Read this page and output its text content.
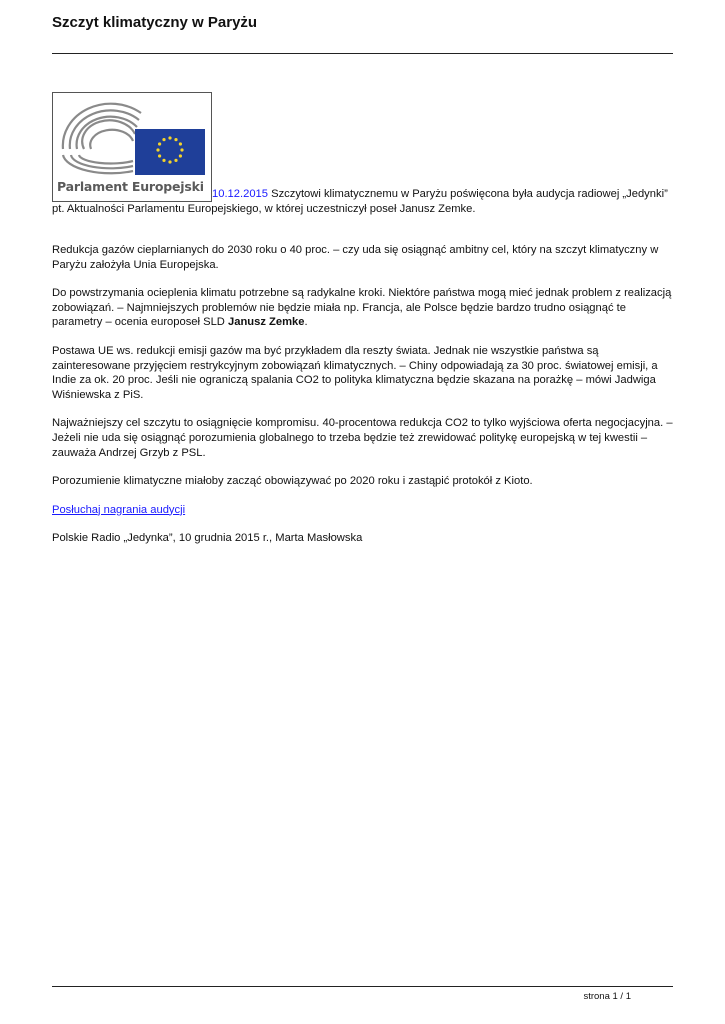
Szczyt klimatyczny w Paryżu

Parlament Europejski 10.12.2015 Szczytowi klimatycznemu w Paryżu poświęcona była audycja radiowej „Jedynki” pt. Aktualności Parlamentu Europejskiego, w której uczestniczył poseł Janusz Zemke.

Redukcja gazów cieplarnianych do 2030 roku o 40 proc. – czy uda się osiągnąć ambitny cel, który na szczyt klimatyczny w Paryżu założyła Unia Europejska.

Do powstrzymania ocieplenia klimatu potrzebne są radykalne kroki. Niektóre państwa mogą mieć jednak problem z realizacją zobowiązań. – Najmniejszych problemów nie będzie miała np. Francja, ale Polsce będzie bardzo trudno osiągnąć te parametry – ocenia europoseł SLD Janusz Zemke.

Postawa UE ws. redukcji emisji gazów ma być przykładem dla reszty świata. Jednak nie wszystkie państwa są zainteresowane przyjęciem restrykcyjnym zobowiązań klimatycznych. – Chiny odpowiadają za 30 proc. światowej emisji, a Indie za ok. 20 proc. Jeśli nie ograniczą spalania CO2 to polityka klimatyczna będzie skazana na porażkę – mówi Jadwiga Wiśniewska z PiS.

Najważniejszy cel szczytu to osiągnięcie kompromisu. 40-procentowa redukcja CO2 to tylko wyjściowa oferta negocjacyjna. – Jeżeli nie uda się osiągnąć porozumienia globalnego to trzeba będzie też zrewidować politykę europejską w tej kwestii – zauważa Andrzej Grzyb z PSL.

Porozumienie klimatyczne miałoby zacząć obowiązywać po 2020 roku i zastąpić protokół z Kioto.

Posłuchaj nagrania audycji

Polskie Radio „Jedynka”, 10 grudnia 2015 r., Marta Masłowska

strona 1 / 1
